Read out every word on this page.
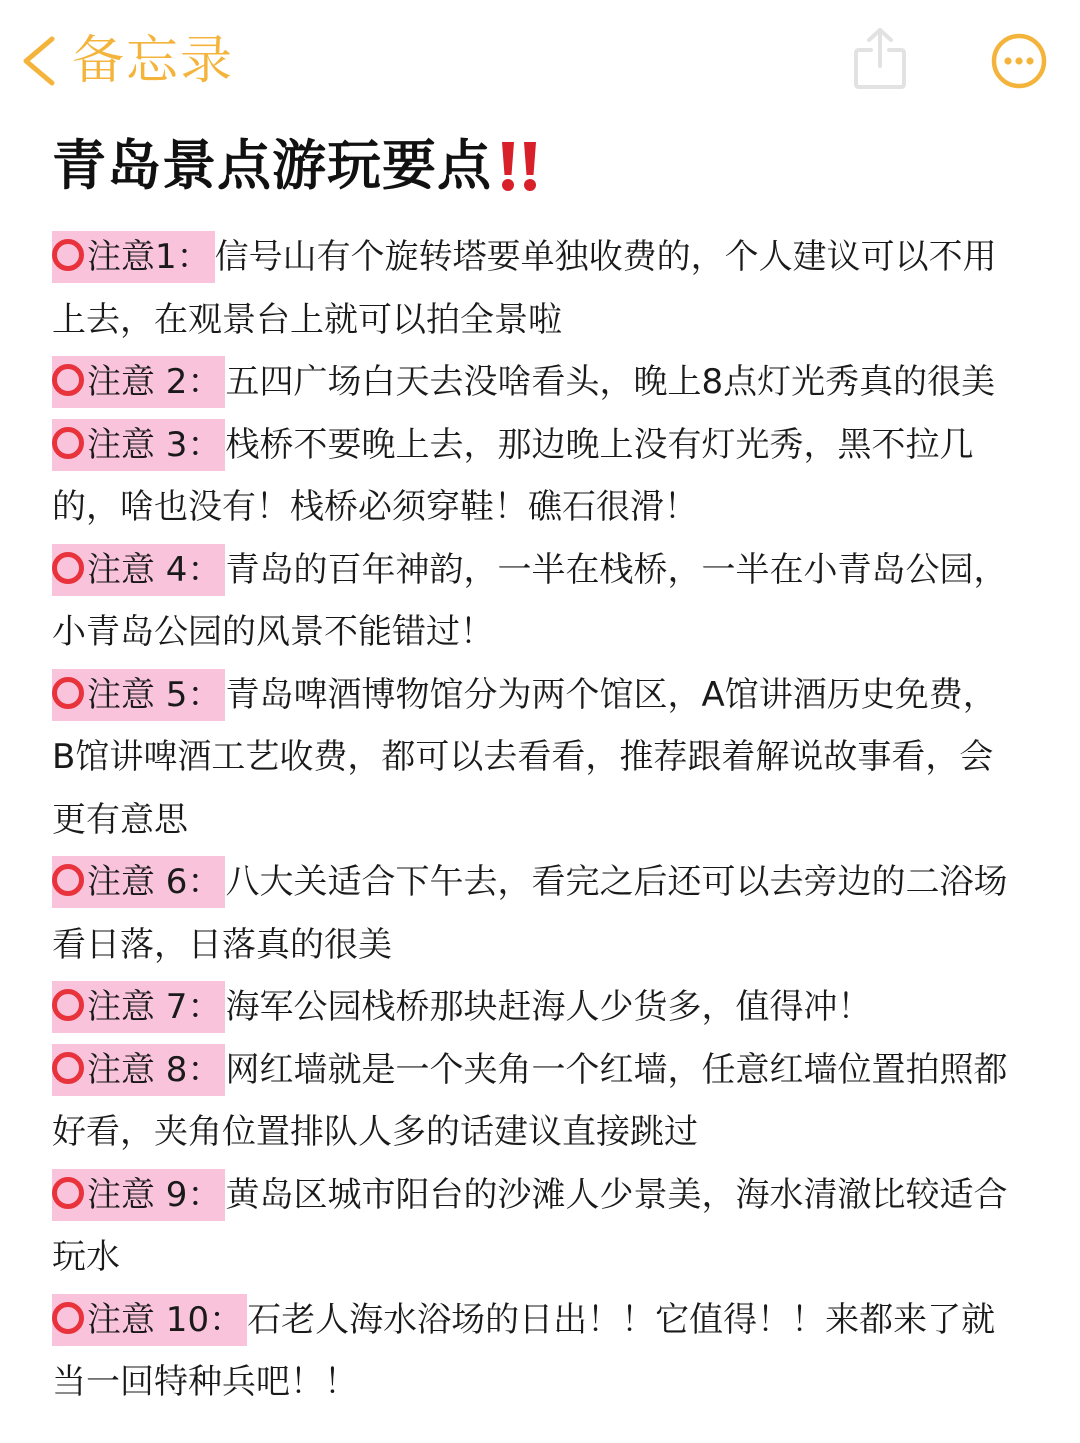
备忘录
青岛景点游玩要点
注意1： 信号山有个旋转塔要单独收费的，个人建议可以不用上去，在观景台上就可以拍全景啦
注意 2： 五四广场白天去没啥看头，晚上8点灯光秀真的很美
注意 3： 栈桥不要晚上去，那边晚上没有灯光秀，黑不拉几的，啥也没有！栈桥必须穿鞋！礁石很滑！
注意 4： 青岛的百年神韵，一半在栈桥，一半在小青岛公园，小青岛公园的风景不能错过！
注意 5： 青岛啤酒博物馆分为两个馆区，A馆讲酒历史免费，B馆讲啤酒工艺收费，都可以去看看，推荐跟着解说故事看，会更有意思
注意 6： 八大关适合下午去，看完之后还可以去旁边的二浴场看日落，日落真的很美
注意 7： 海军公园栈桥那块赶海人少货多，值得冲！
注意 8： 网红墙就是一个夹角一个红墙，任意红墙位置拍照都好看，夹角位置排队人多的话建议直接跳过
注意 9： 黄岛区城市阳台的沙滩人少景美，海水清澈比较适合玩水
注意 10： 石老人海水浴场的日出！！它值得！！来都来了就当一回特种兵吧！！
